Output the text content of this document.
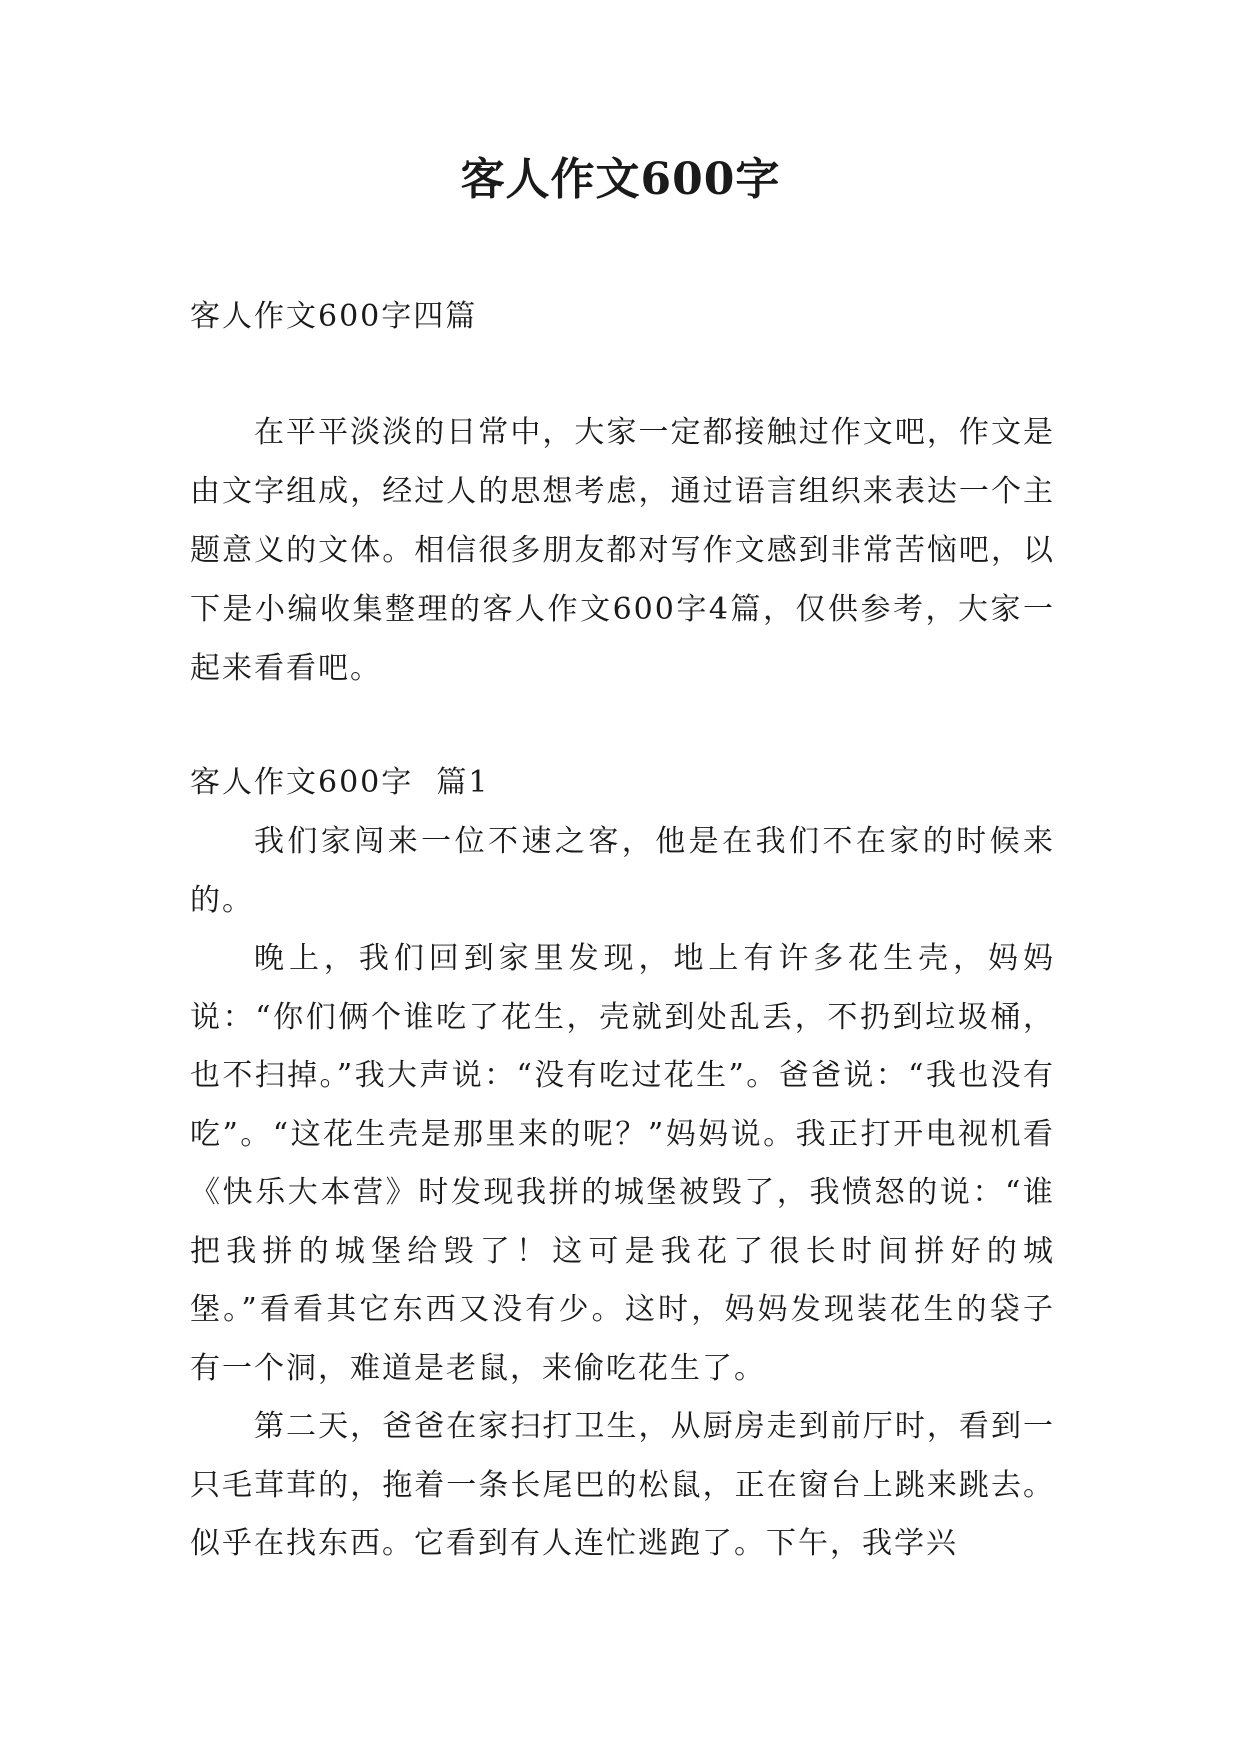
客人作文600字
客人作文600字四篇

在平平淡淡的日常中，大家一定都接触过作文吧，作文是由文字组成，经过人的思想考虑，通过语言组织来表达一个主题意义的文体。相信很多朋友都对写作文感到非常苦恼吧，以下是小编收集整理的客人作文600字4篇，仅供参考，大家一起来看看吧。

客人作文600字  篇1

我们家闯来一位不速之客，他是在我们不在家的时候来的。

晚上，我们回到家里发现，地上有许多花生壳，妈妈说：“你们俩个谁吃了花生，壳就到处乱丢，不扔到垃圾桶，也不扫掉。”我大声说：“没有吃过花生”。爸爸说：“我也没有吃”。“这花生壳是那里来的呢？”妈妈说。我正打开电视机看《快乐大本营》时发现我拼的城堡被毁了，我愤怒的说：“谁把我拼的城堡给毁了！这可是我花了很长时间拼好的城堡。”看看其它东西又没有少。这时，妈妈发现装花生的袋子有一个洞，难道是老鼠，来偷吃花生了。

第二天，爸爸在家扫打卫生，从厨房走到前厅时，看到一只毛茸茸的，拖着一条长尾巴的松鼠，正在窗台上跳来跳去。似乎在找东西。它看到有人连忙逃跑了。下午，我学兴
